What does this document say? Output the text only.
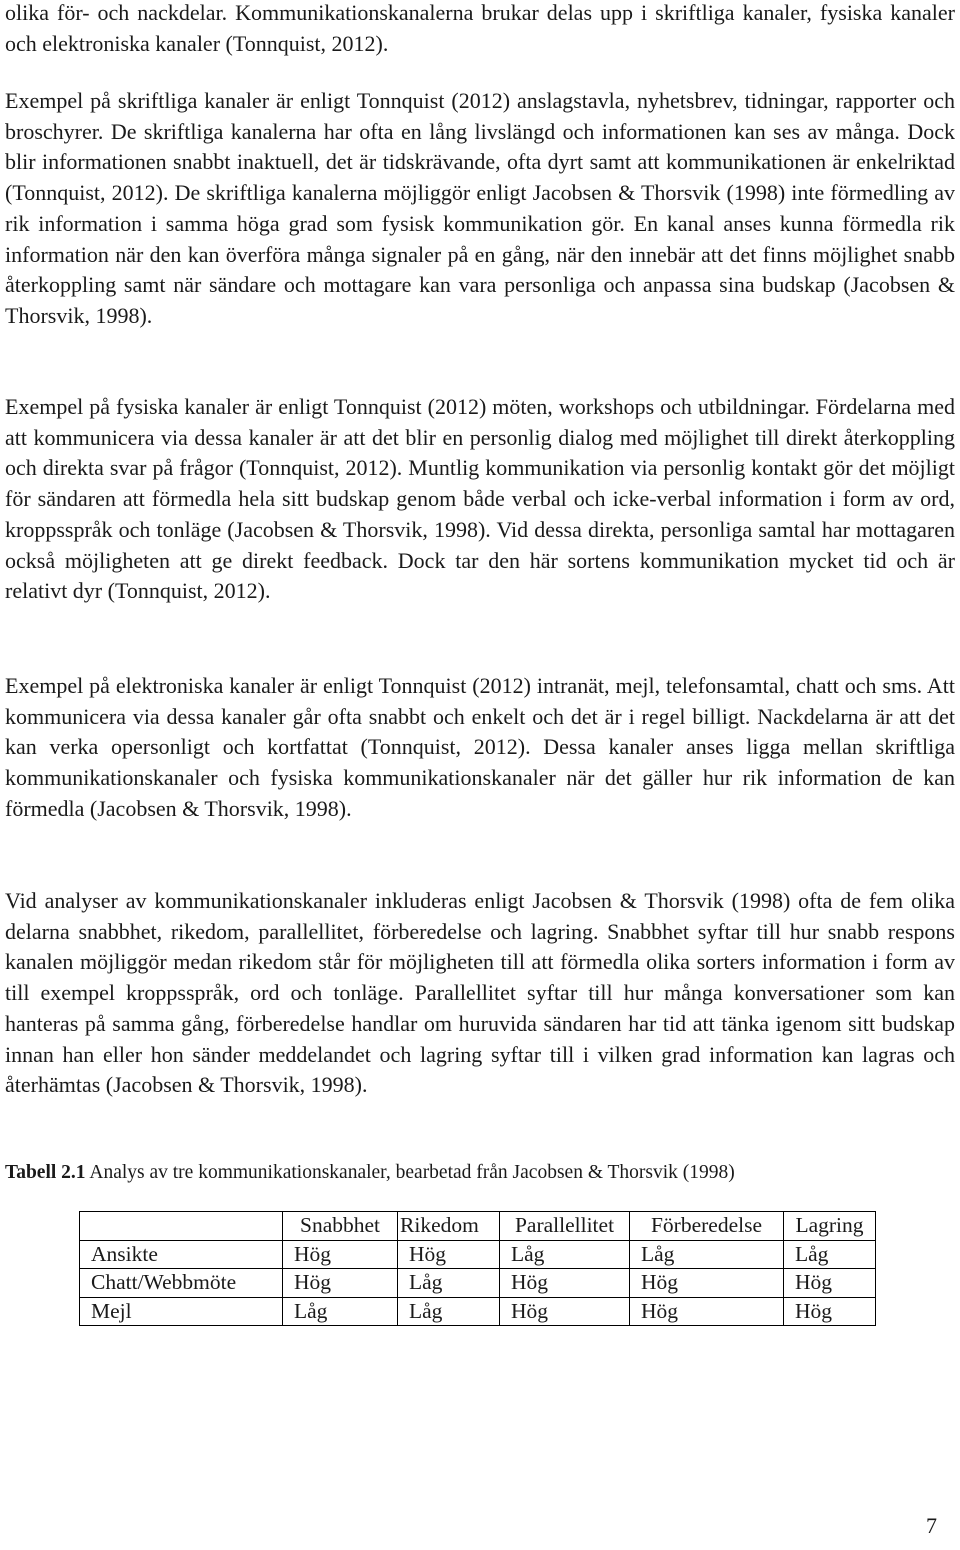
olika för- och nackdelar. Kommunikationskanalerna brukar delas upp i skriftliga kanaler, fysiska kanaler och elektroniska kanaler (Tonnquist, 2012).

Exempel på skriftliga kanaler är enligt Tonnquist (2012) anslagstavla, nyhetsbrev, tidningar, rapporter och broschyrer. De skriftliga kanalerna har ofta en lång livslängd och informationen kan ses av många. Dock blir informationen snabbt inaktuell, det är tidskrävande, ofta dyrt samt att kommunikationen är enkelriktad (Tonnquist, 2012). De skriftliga kanalerna möjliggör enligt Jacobsen & Thorsvik (1998) inte förmedling av rik information i samma höga grad som fysisk kommunikation gör. En kanal anses kunna förmedla rik information när den kan överföra många signaler på en gång, när den innebär att det finns möjlighet snabb återkoppling samt när sändare och mottagare kan vara personliga och anpassa sina budskap (Jacobsen & Thorsvik, 1998).

Exempel på fysiska kanaler är enligt Tonnquist (2012) möten, workshops och utbildningar. Fördelarna med att kommunicera via dessa kanaler är att det blir en personlig dialog med möjlighet till direkt återkoppling och direkta svar på frågor (Tonnquist, 2012). Muntlig kommunikation via personlig kontakt gör det möjligt för sändaren att förmedla hela sitt budskap genom både verbal och icke-verbal information i form av ord, kroppsspråk och tonläge (Jacobsen & Thorsvik, 1998). Vid dessa direkta, personliga samtal har mottagaren också möjligheten att ge direkt feedback. Dock tar den här sortens kommunikation mycket tid och är relativt dyr (Tonnquist, 2012).

Exempel på elektroniska kanaler är enligt Tonnquist (2012) intranät, mejl, telefonsamtal, chatt och sms. Att kommunicera via dessa kanaler går ofta snabbt och enkelt och det är i regel billigt. Nackdelarna är att det kan verka opersonligt och kortfattat (Tonnquist, 2012). Dessa kanaler anses ligga mellan skriftliga kommunikationskanaler och fysiska kommunikationskanaler när det gäller hur rik information de kan förmedla (Jacobsen & Thorsvik, 1998).

Vid analyser av kommunikationskanaler inkluderas enligt Jacobsen & Thorsvik (1998) ofta de fem olika delarna snabbhet, rikedom, parallellitet, förberedelse och lagring. Snabbhet syftar till hur snabb respons kanalen möjliggör medan rikedom står för möjligheten till att förmedla olika sorters information i form av till exempel kroppsspråk, ord och tonläge. Parallellitet syftar till hur många konversationer som kan hanteras på samma gång, förberedelse handlar om huruvida sändaren har tid att tänka igenom sitt budskap innan han eller hon sänder meddelandet och lagring syftar till i vilken grad information kan lagras och återhämtas (Jacobsen & Thorsvik, 1998).

Tabell 2.1 Analys av tre kommunikationskanaler, bearbetad från Jacobsen & Thorsvik (1998)
	Snabbhet	Rikedom	Parallellitet	Förberedelse	Lagring
Ansikte	Hög	Hög	Låg	Låg	Låg
Chatt/Webbmöte	Hög	Låg	Hög	Hög	Hög
Mejl	Låg	Låg	Hög	Hög	Hög
7
